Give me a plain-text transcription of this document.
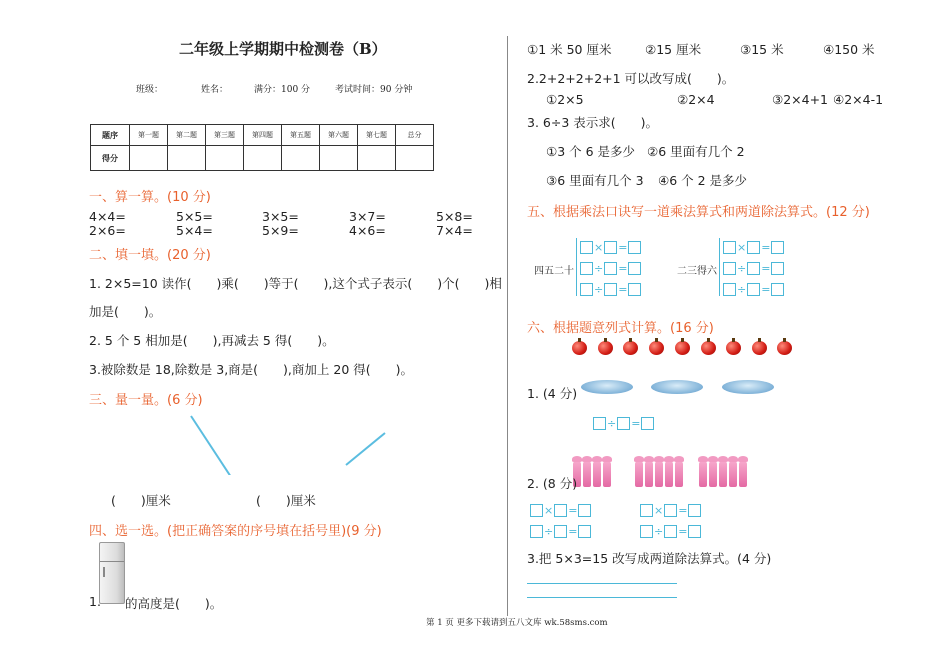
二年级上学期期中检测卷（B）
班级：	姓名：	满分：100 分	考试时间：90 分钟
题序	第一题	第二题	第三题	第四题	第五题	第六题	第七题	总分
得分								
一、算一算。(10 分)
4×4=	5×5=	3×5=	3×7=	5×8=
2×6=	5×4=	5×9=	4×6=	7×4=
二、填一填。(20 分)
1. 2×5=10 读作(　　)乘(　　)等于(　　),这个式子表示(　　)个(　　)相
加是(　　)。
2. 5 个 5 相加是(　　),再减去 5 得(　　)。
3.被除数是 18,除数是 3,商是(　　),商加上 20 得(　　)。
三、量一量。(6 分)
(　　)厘米	(　　)厘米
四、选一选。(把正确答案的序号填在括号里)(9 分)
1. 的高度是(　　)。
①1 米 50 厘米	②15 厘米	③15 米	④150 米
2.2+2+2+2+1 可以改写成(　　)。
①2×5	②2×4	③2×4+1 ④2×4-1
3. 6÷3 表示求(　　)。
①3 个 6 是多少 ②6 里面有几个 2
③6 里面有几个 3 ④6 个 2 是多少
五、根据乘法口诀写一道乘法算式和两道除法算式。(12 分)
四五二十
× =
÷ =
÷ =
二三得六
× =
÷ =
÷ =
六、根据题意列式计算。(16 分)
1. (4 分)
÷ =
2. (8 分)
× =
÷ =
× =
÷ =
3.把 5×3=15 改写成两道除法算式。(4 分)
第 1 页 更多下载请到五八文库 wk.58sms.com
